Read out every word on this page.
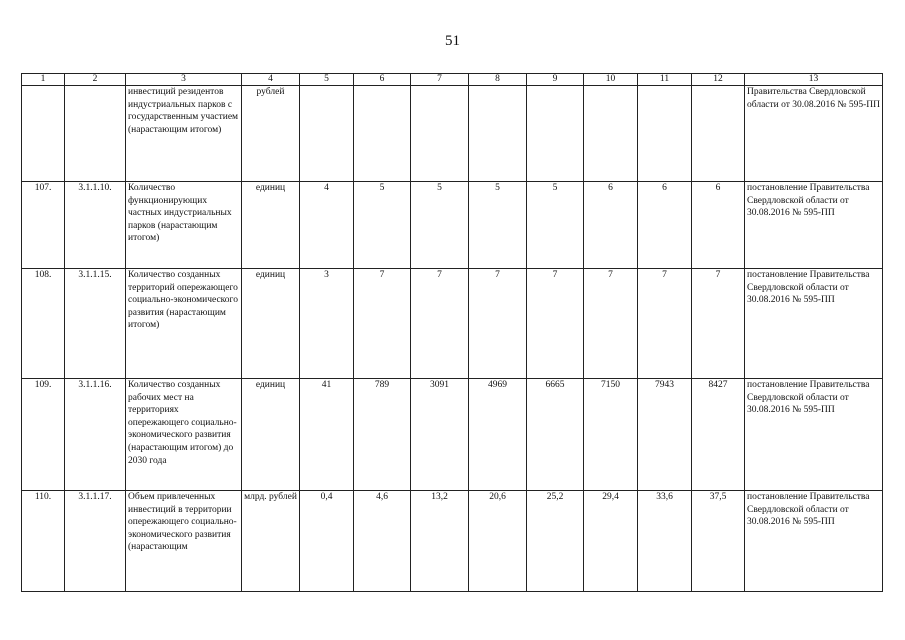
51
1	2	3	4	5	6	7	8	9	10	11	12	13
		инвестиций резидентов индустриальных парков с государственным участием (нарастающим итогом)	рублей									Правительства Свердловской области от 30.08.2016 № 595-ПП
107.	3.1.1.10.	Количество функционирующих частных индустриальных парков (нарастающим итогом)	единиц	4	5	5	5	5	6	6	6	постановление Правительства Свердловской области от 30.08.2016 № 595-ПП
108.	3.1.1.15.	Количество созданных территорий опережающего социально-экономического развития (нарастающим итогом)	единиц	3	7	7	7	7	7	7	7	постановление Правительства Свердловской области от 30.08.2016 № 595-ПП
109.	3.1.1.16.	Количество созданных рабочих мест на территориях опережающего социально-экономического развития (нарастающим итогом) до 2030 года	единиц	41	789	3091	4969	6665	7150	7943	8427	постановление Правительства Свердловской области от 30.08.2016 № 595-ПП
110.	3.1.1.17.	Объем привлеченных инвестиций в территории опережающего социально-экономического развития (нарастающим	млрд. рублей	0,4	4,6	13,2	20,6	25,2	29,4	33,6	37,5	постановление Правительства Свердловской области от 30.08.2016 № 595-ПП
